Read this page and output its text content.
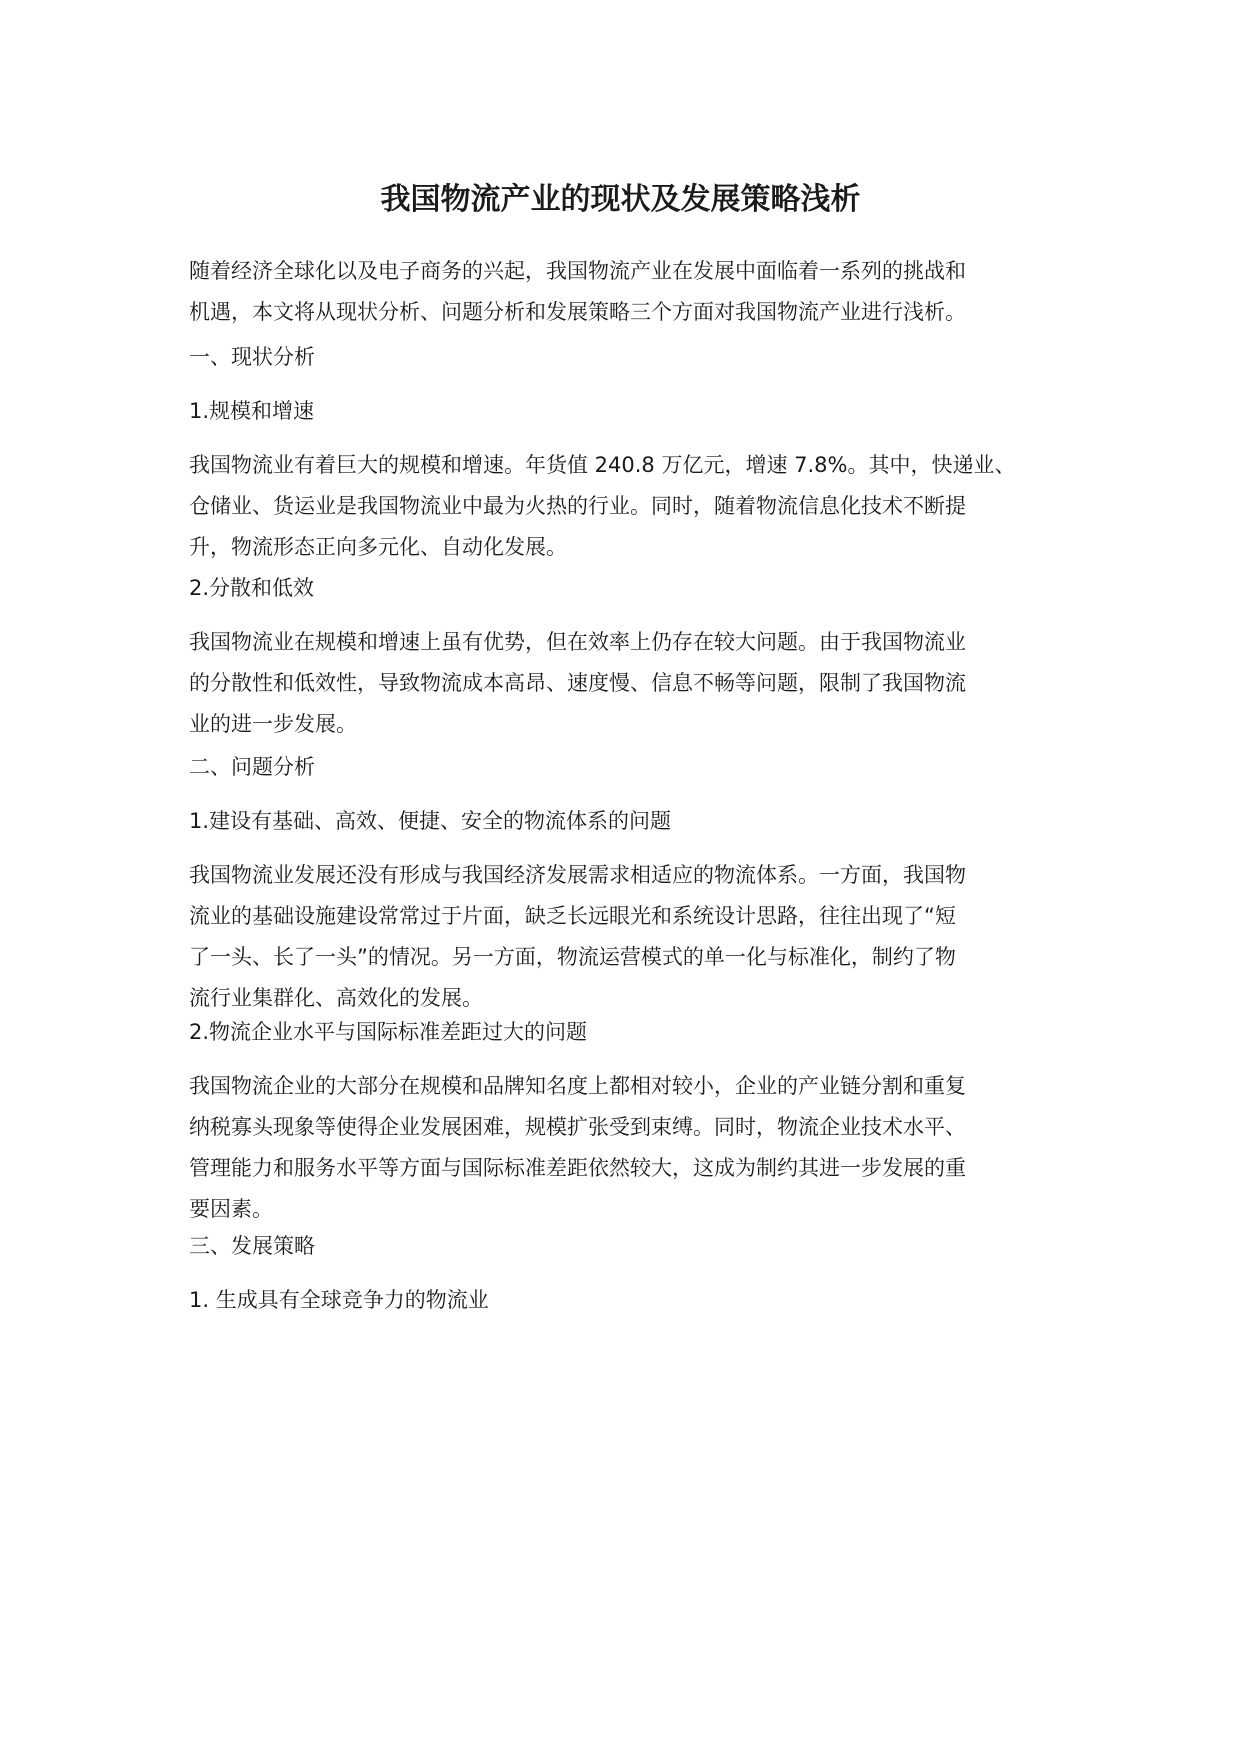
我国物流产业的现状及发展策略浅析

随着经济全球化以及电子商务的兴起，我国物流产业在发展中面临着一系列的挑战和
机遇，本文将从现状分析、问题分析和发展策略三个方面对我国物流产业进行浅析。

一、现状分析

1.规模和增速

我国物流业有着巨大的规模和增速。年货值 240.8 万亿元，增速 7.8%。其中，快递业、
仓储业、货运业是我国物流业中最为火热的行业。同时，随着物流信息化技术不断提
升，物流形态正向多元化、自动化发展。

2.分散和低效

我国物流业在规模和增速上虽有优势，但在效率上仍存在较大问题。由于我国物流业
的分散性和低效性，导致物流成本高昂、速度慢、信息不畅等问题，限制了我国物流
业的进一步发展。

二、问题分析

1.建设有基础、高效、便捷、安全的物流体系的问题

我国物流业发展还没有形成与我国经济发展需求相适应的物流体系。一方面，我国物
流业的基础设施建设常常过于片面，缺乏长远眼光和系统设计思路，往往出现了“短
了一头、长了一头”的情况。另一方面，物流运营模式的单一化与标准化，制约了物
流行业集群化、高效化的发展。

2.物流企业水平与国际标准差距过大的问题

我国物流企业的大部分在规模和品牌知名度上都相对较小，企业的产业链分割和重复
纳税寡头现象等使得企业发展困难，规模扩张受到束缚。同时，物流企业技术水平、
管理能力和服务水平等方面与国际标准差距依然较大，这成为制约其进一步发展的重
要因素。

三、发展策略

1. 生成具有全球竞争力的物流业
